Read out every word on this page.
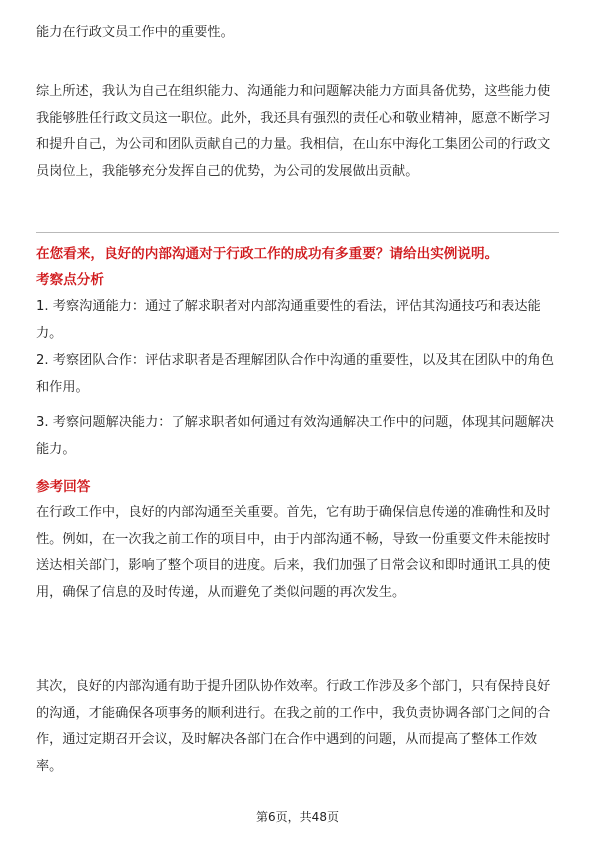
能力在行政文员工作中的重要性。
综上所述，我认为自己在组织能力、沟通能力和问题解决能力方面具备优势，这些能力使我能够胜任行政文员这一职位。此外，我还具有强烈的责任心和敬业精神，愿意不断学习和提升自己，为公司和团队贡献自己的力量。我相信，在山东中海化工集团公司的行政文员岗位上，我能够充分发挥自己的优势，为公司的发展做出贡献。
在您看来，良好的内部沟通对于行政工作的成功有多重要？请给出实例说明。
考察点分析
1. 考察沟通能力：通过了解求职者对内部沟通重要性的看法，评估其沟通技巧和表达能力。
2. 考察团队合作：评估求职者是否理解团队合作中沟通的重要性，以及其在团队中的角色和作用。
3. 考察问题解决能力：了解求职者如何通过有效沟通解决工作中的问题，体现其问题解决能力。
参考回答
在行政工作中，良好的内部沟通至关重要。首先，它有助于确保信息传递的准确性和及时性。例如，在一次我之前工作的项目中，由于内部沟通不畅，导致一份重要文件未能按时送达相关部门，影响了整个项目的进度。后来，我们加强了日常会议和即时通讯工具的使用，确保了信息的及时传递，从而避免了类似问题的再次发生。
其次，良好的内部沟通有助于提升团队协作效率。行政工作涉及多个部门，只有保持良好的沟通，才能确保各项事务的顺利进行。在我之前的工作中，我负责协调各部门之间的合作，通过定期召开会议，及时解决各部门在合作中遇到的问题，从而提高了整体工作效率。
第6页，共48页
